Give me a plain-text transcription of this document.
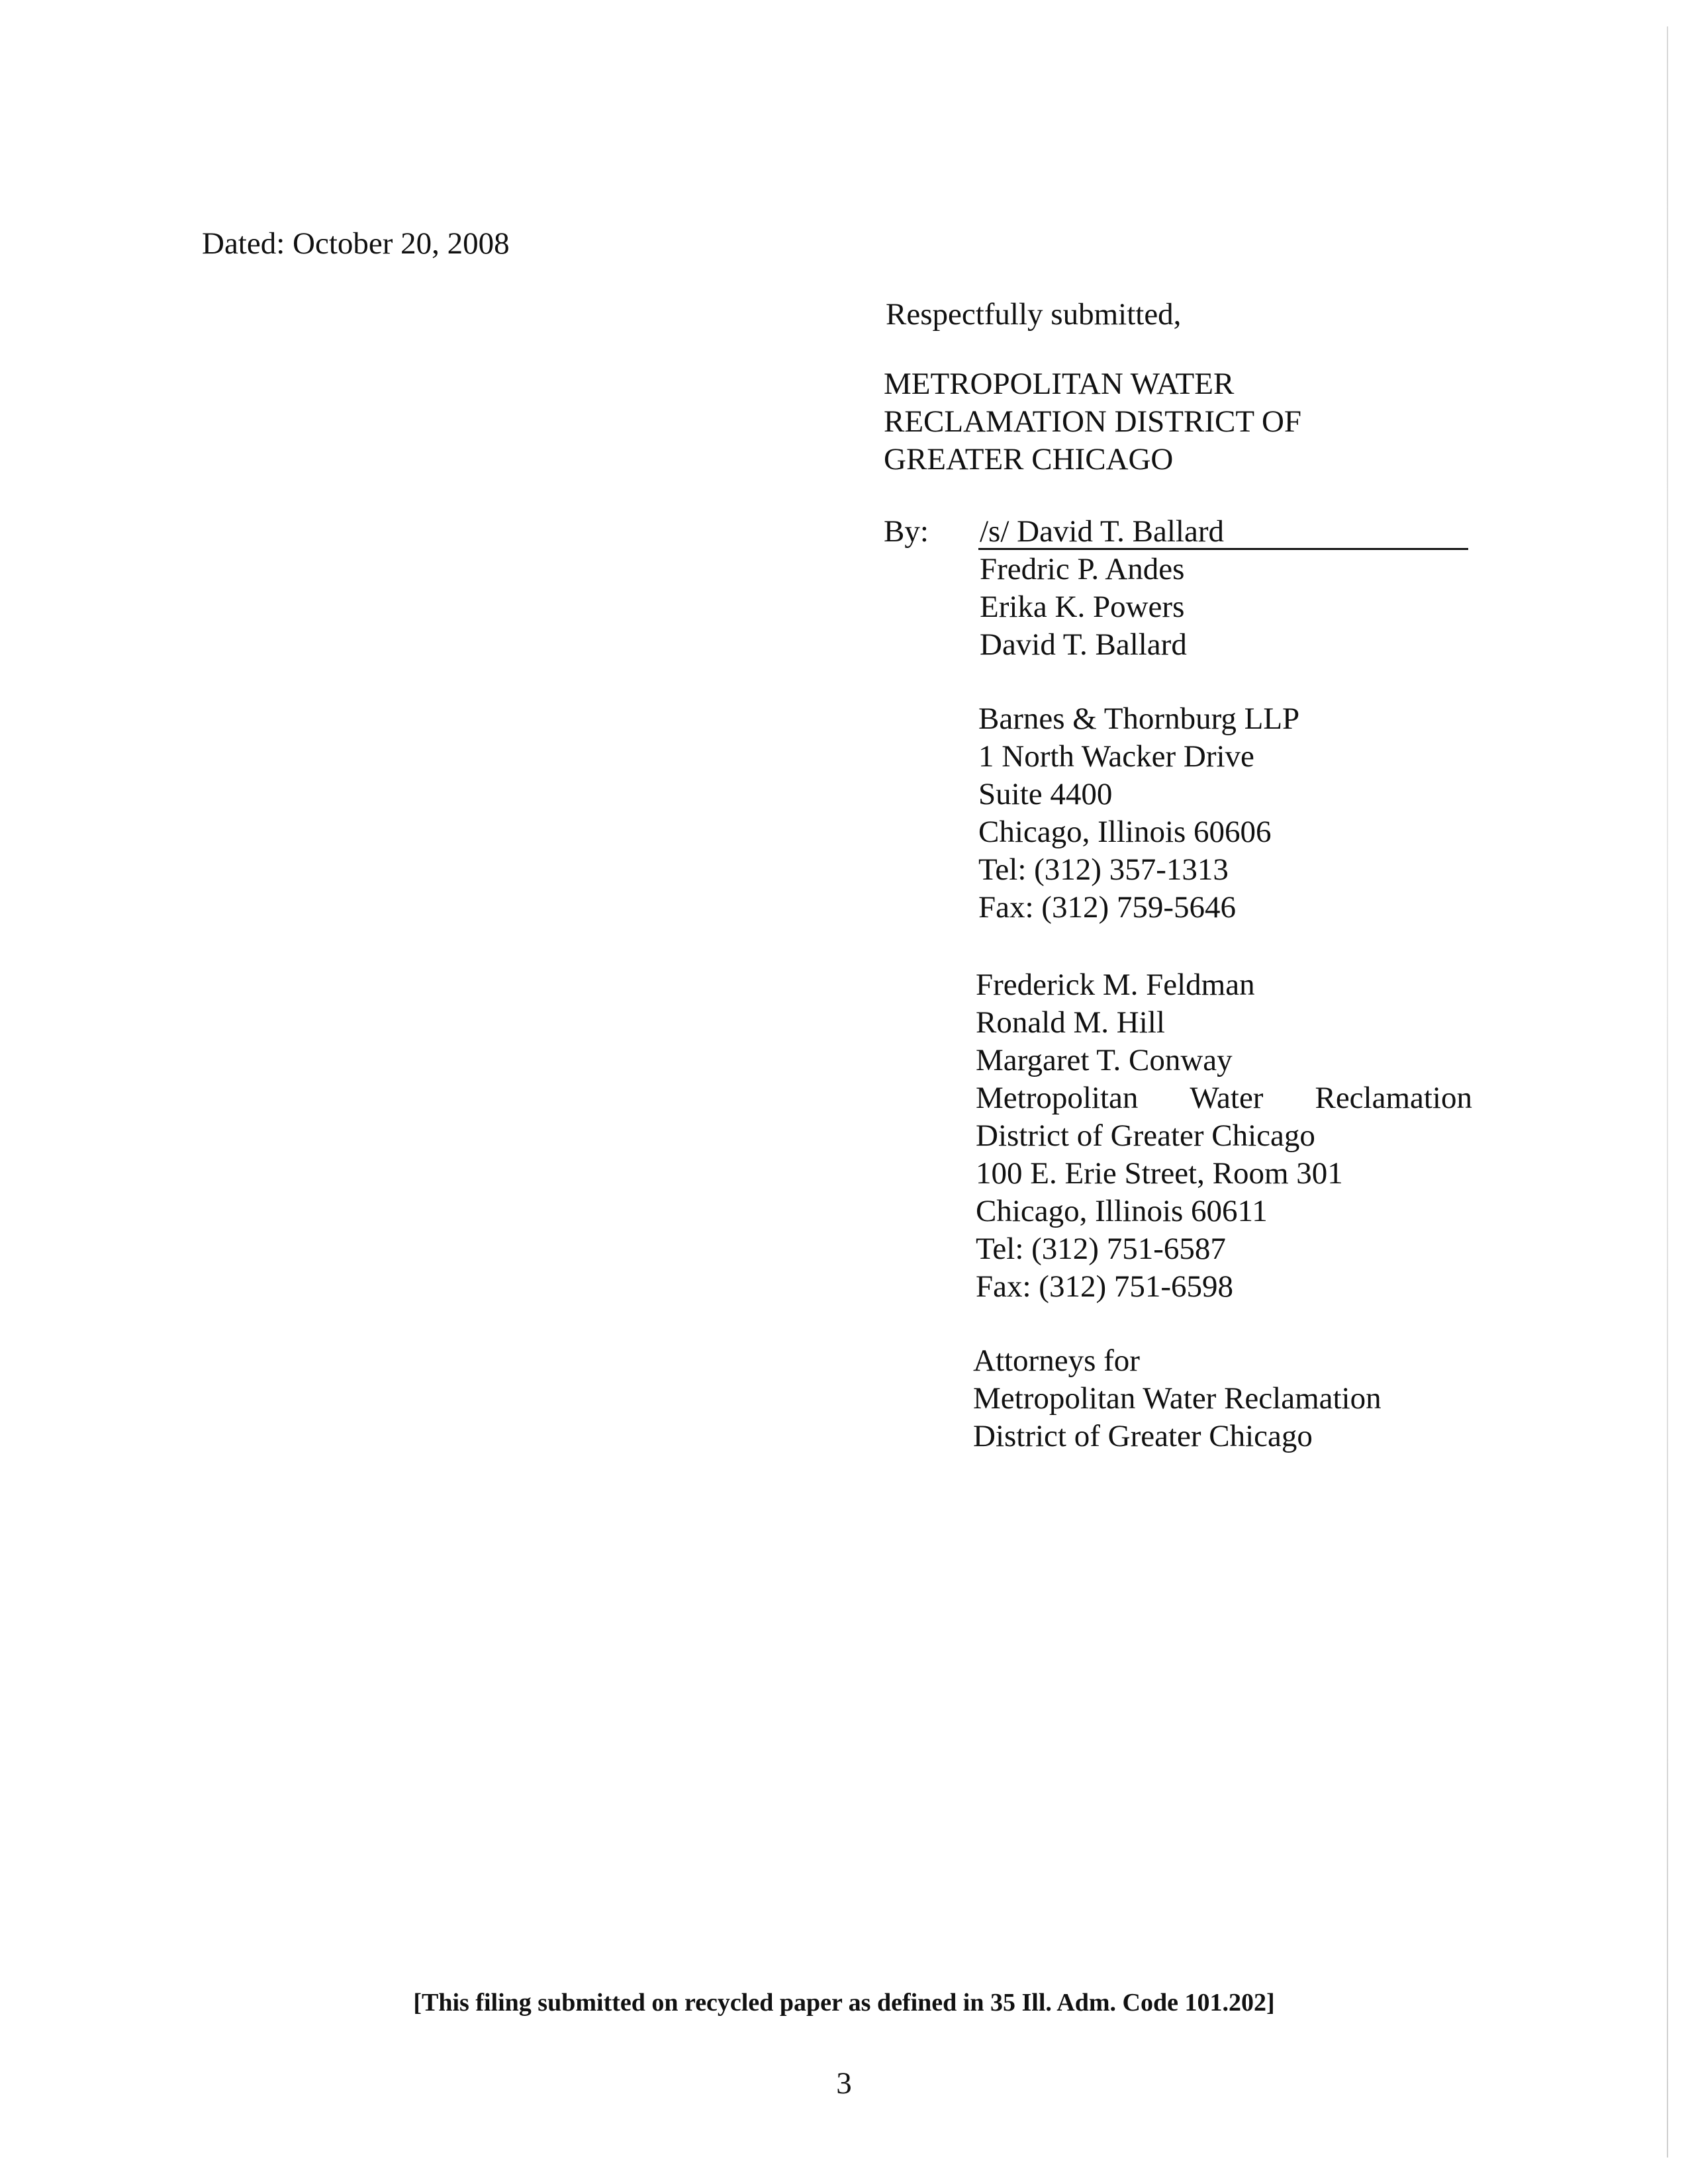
Dated: October 20, 2008
Respectfully submitted,
METROPOLITAN WATER
RECLAMATION DISTRICT OF
GREATER CHICAGO
By: /s/ David T. Ballard
Fredric P. Andes
Erika K. Powers
David T. Ballard
Barnes & Thornburg LLP
1 North Wacker Drive
Suite 4400
Chicago, Illinois 60606
Tel: (312) 357-1313
Fax: (312) 759-5646
Frederick M. Feldman
Ronald M. Hill
Margaret T. Conway
Metropolitan Water Reclamation
District of Greater Chicago
100 E. Erie Street, Room 301
Chicago, Illinois 60611
Tel: (312) 751-6587
Fax: (312) 751-6598
Attorneys for
Metropolitan Water Reclamation
District of Greater Chicago
[This filing submitted on recycled paper as defined in 35 Ill. Adm. Code 101.202]
3
